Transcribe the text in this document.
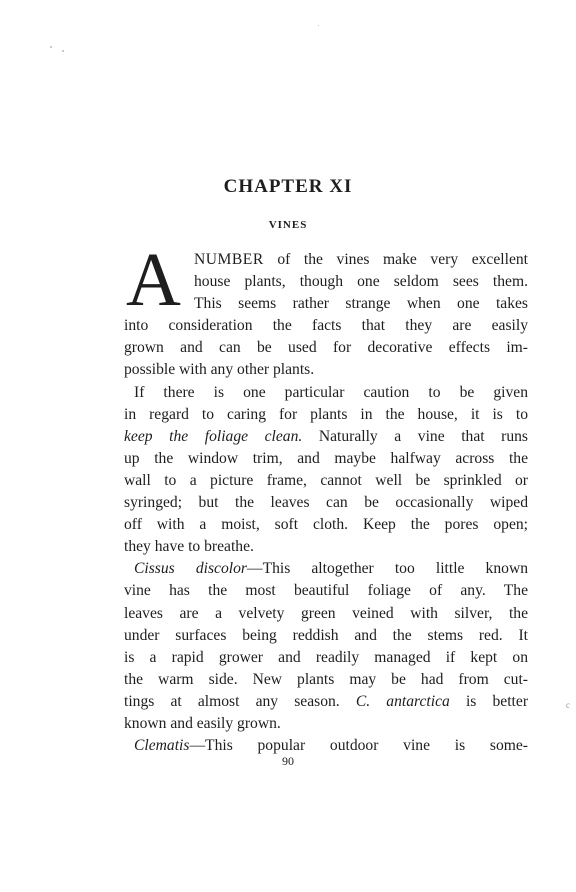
CHAPTER XI
VINES
A NUMBER of the vines make very excellent
house plants, though one seldom sees them.
This seems rather strange when one takes
into consideration the facts that they are easily
grown and can be used for decorative effects im-
possible with any other plants.
If there is one particular caution to be given
in regard to caring for plants in the house, it is to
keep the foliage clean. Naturally a vine that runs
up the window trim, and maybe halfway across the
wall to a picture frame, cannot well be sprinkled or
syringed; but the leaves can be occasionally wiped
off with a moist, soft cloth. Keep the pores open;
they have to breathe.
Cissus discolor—This altogether too little known
vine has the most beautiful foliage of any. The
leaves are a velvety green veined with silver, the
under surfaces being reddish and the stems red. It
is a rapid grower and readily managed if kept on
the warm side. New plants may be had from cut-
tings at almost any season. C. antarctica is better
known and easily grown.
Clematis—This popular outdoor vine is some-

90

c
